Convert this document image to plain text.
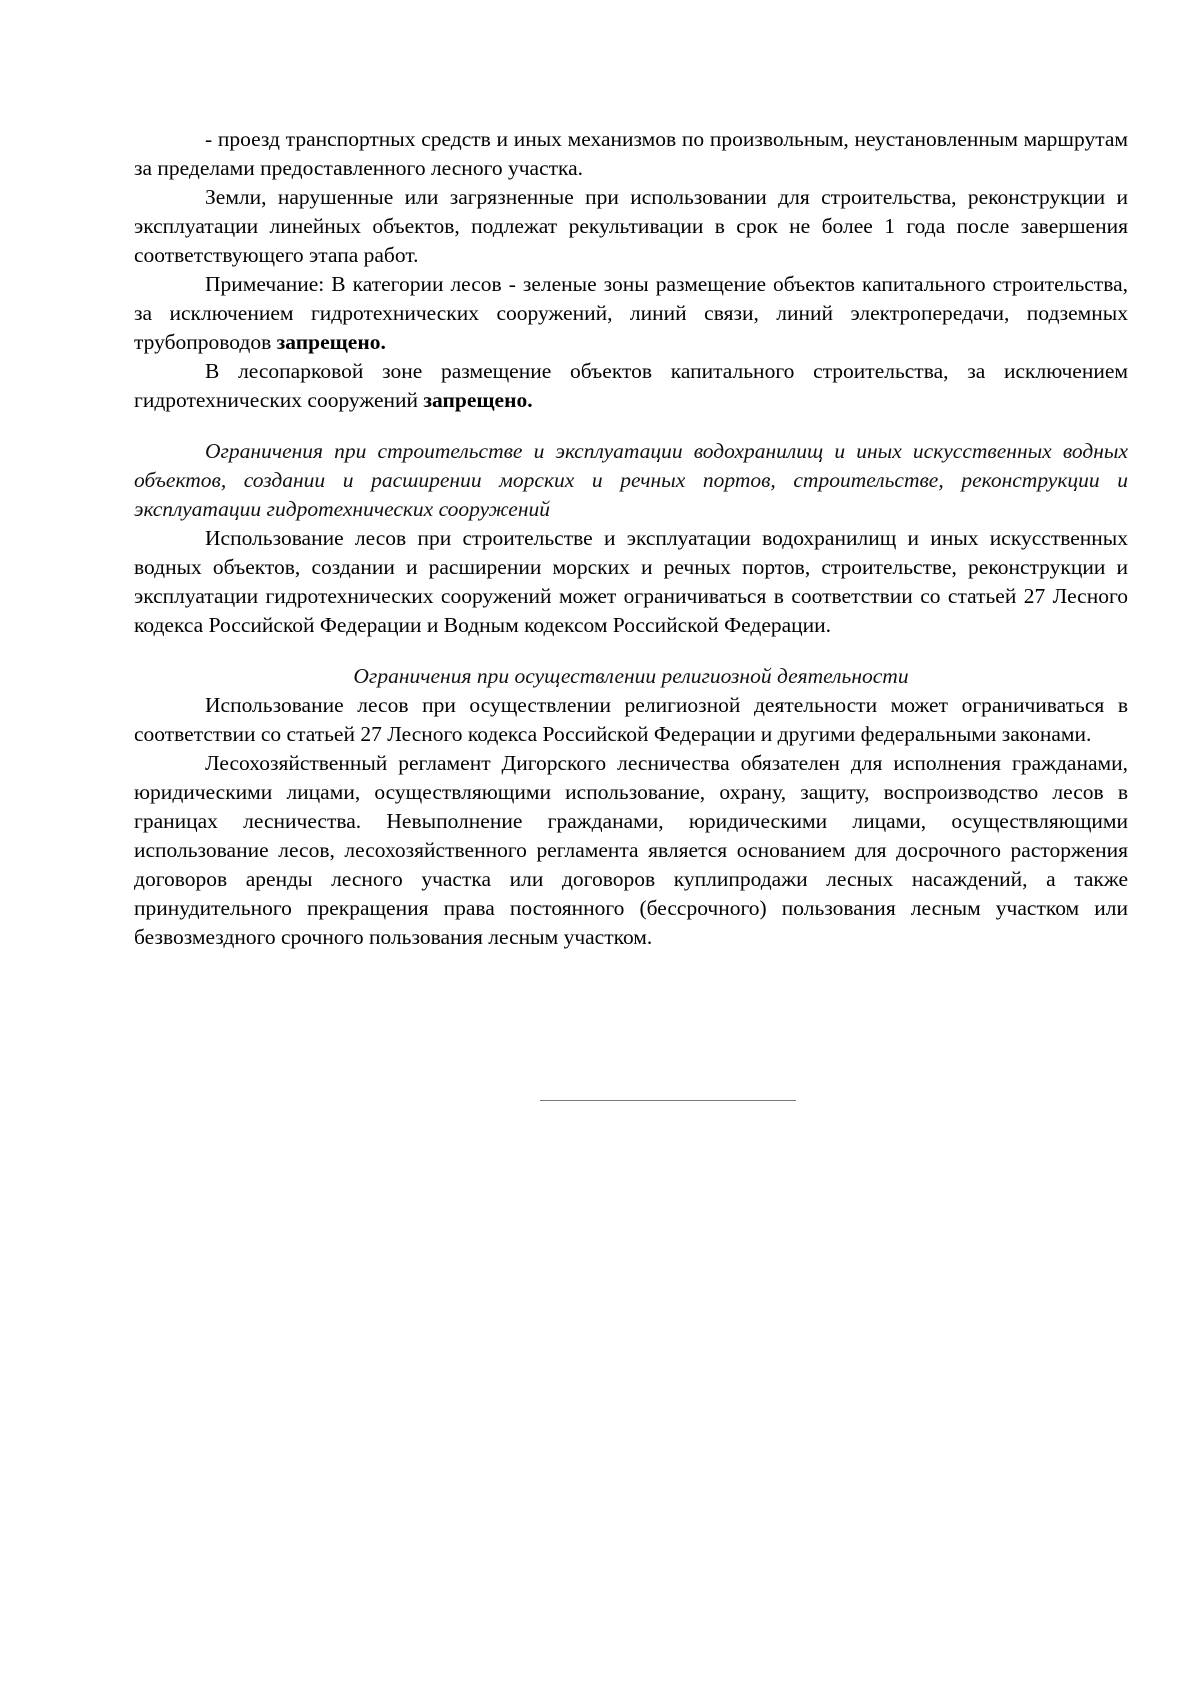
- проезд транспортных средств и иных механизмов по произвольным, неустановленным маршрутам за пределами предоставленного лесного участка.

Земли, нарушенные или загрязненные при использовании для строительства, реконструкции и эксплуатации линейных объектов, подлежат рекультивации в срок не более 1 года после завершения соответствующего этапа работ.

Примечание: В категории лесов - зеленые зоны размещение объектов капитального строительства, за исключением гидротехнических сооружений, линий связи, линий электропередачи, подземных трубопроводов запрещено.

В лесопарковой зоне размещение объектов капитального строительства, за исключением гидротехнических сооружений запрещено.

Ограничения при строительстве и эксплуатации водохранилищ и иных искусственных водных объектов, создании и расширении морских и речных портов, строительстве, реконструкции и эксплуатации гидротехнических сооружений

Использование лесов при строительстве и эксплуатации водохранилищ и иных искусственных водных объектов, создании и расширении морских и речных портов, строительстве, реконструкции и эксплуатации гидротехнических сооружений может ограничиваться в соответствии со статьей 27 Лесного кодекса Российской Федерации и Водным кодексом Российской Федерации.

Ограничения при осуществлении религиозной деятельности

Использование лесов при осуществлении религиозной деятельности может ограничиваться в соответствии со статьей 27 Лесного кодекса Российской Федерации и другими федеральными законами.

Лесохозяйственный регламент Дигорского лесничества обязателен для исполнения гражданами, юридическими лицами, осуществляющими использование, охрану, защиту, воспроизводство лесов в границах лесничества. Невыполнение гражданами, юридическими лицами, осуществляющими использование лесов, лесохозяйственного регламента является основанием для досрочного расторжения договоров аренды лесного участка или договоров куплипродажи лесных насаждений, а также принудительного прекращения права постоянного (бессрочного) пользования лесным участком или безвозмездного срочного пользования лесным участком.
